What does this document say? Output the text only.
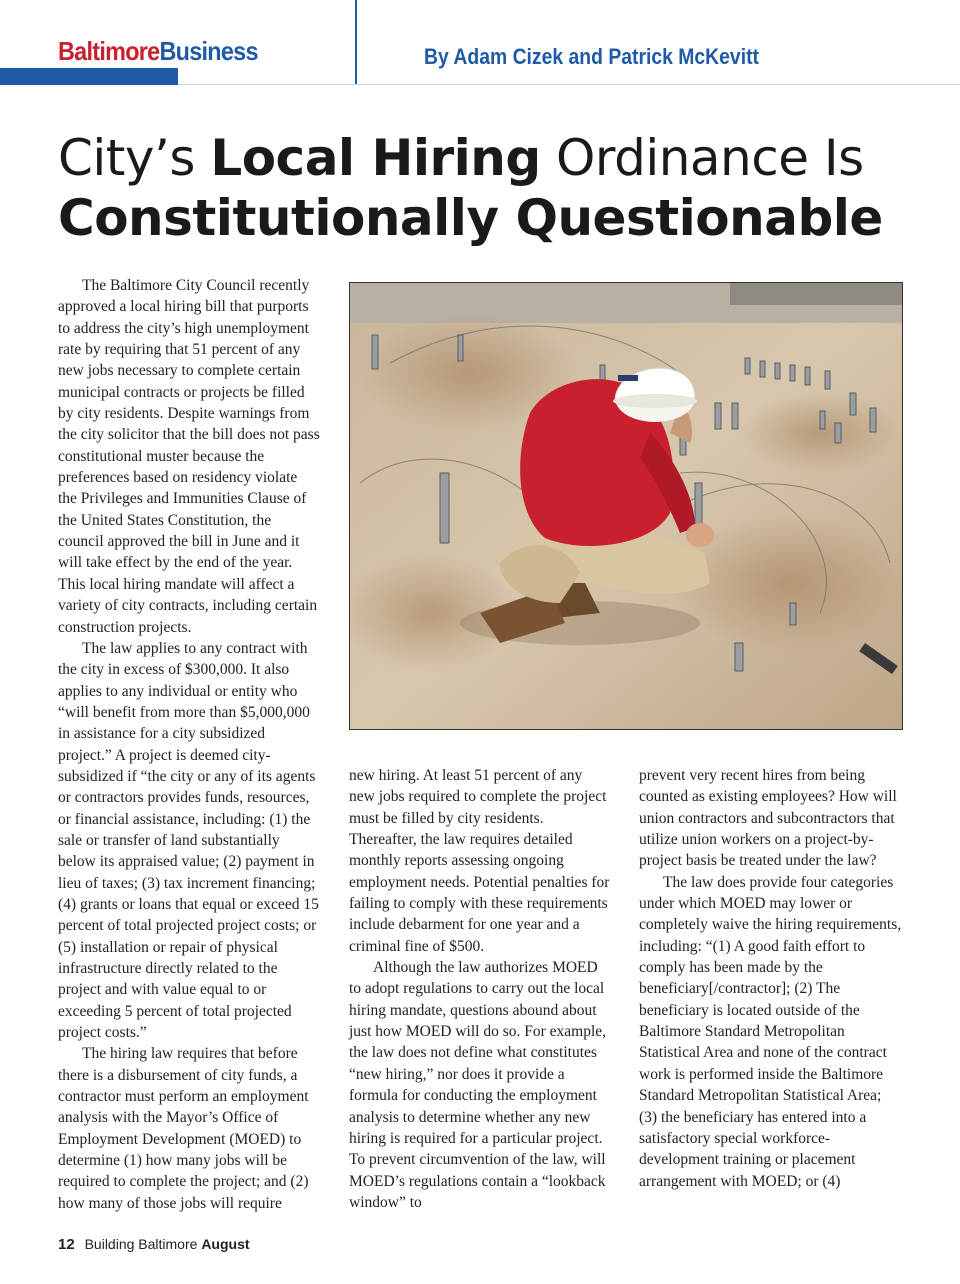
BaltimoreBusiness	By Adam Cizek and Patrick McKevitt
City’s Local Hiring Ordinance Is
Constitutionally Questionable

The Baltimore City Council recently approved a local hiring bill that purports to address the city’s high unemployment rate by requiring that 51 percent of any new jobs necessary to complete certain municipal contracts or projects be filled by city residents. Despite warnings from the city solicitor that the bill does not pass constitutional muster because the preferences based on residency violate the Privileges and Immunities Clause of the United States Constitution, the council approved the bill in June and it will take effect by the end of the year. This local hiring mandate will affect a variety of city contracts, including certain construction projects.

The law applies to any contract with the city in excess of $300,000. It also applies to any individual or entity who “will benefit from more than $5,000,000 in assistance for a city subsidized project.” A project is deemed city-subsidized if “the city or any of its agents or contractors provides funds, resources, or financial assistance, including: (1) the sale or transfer of land substantially below its appraised value; (2) payment in lieu of taxes; (3) tax increment financing; (4) grants or loans that equal or exceed 15 percent of total projected project costs; or (5) installation or repair of physical infrastructure directly related to the project and with value equal to or exceeding 5 percent of total projected project costs.”

The hiring law requires that before there is a disbursement of city funds, a contractor must perform an employment analysis with the Mayor’s Office of Employment Development (MOED) to determine (1) how many jobs will be required to complete the project; and (2) how many of those jobs will require

new hiring. At least 51 percent of any new jobs required to complete the project must be filled by city residents. Thereafter, the law requires detailed monthly reports assessing ongoing employment needs. Potential penalties for failing to comply with these requirements include debarment for one year and a criminal fine of $500.

Although the law authorizes MOED to adopt regulations to carry out the local hiring mandate, questions abound about just how MOED will do so. For example, the law does not define what constitutes “new hiring,” nor does it provide a formula for conducting the employment analysis to determine whether any new hiring is required for a particular project. To prevent circumvention of the law, will MOED’s regulations contain a “lookback window” to

prevent very recent hires from being counted as existing employees? How will union contractors and subcontractors that utilize union workers on a project-by-project basis be treated under the law?

The law does provide four categories under which MOED may lower or completely waive the hiring requirements, including: “(1) A good faith effort to comply has been made by the beneficiary[/contractor]; (2) The beneficiary is located outside of the Baltimore Standard Metropolitan Statistical Area and none of the contract work is performed inside the Baltimore Standard Metropolitan Statistical Area; (3) the beneficiary has entered into a satisfactory special workforce-development training or placement arrangement with MOED; or (4)

12 Building Baltimore August
